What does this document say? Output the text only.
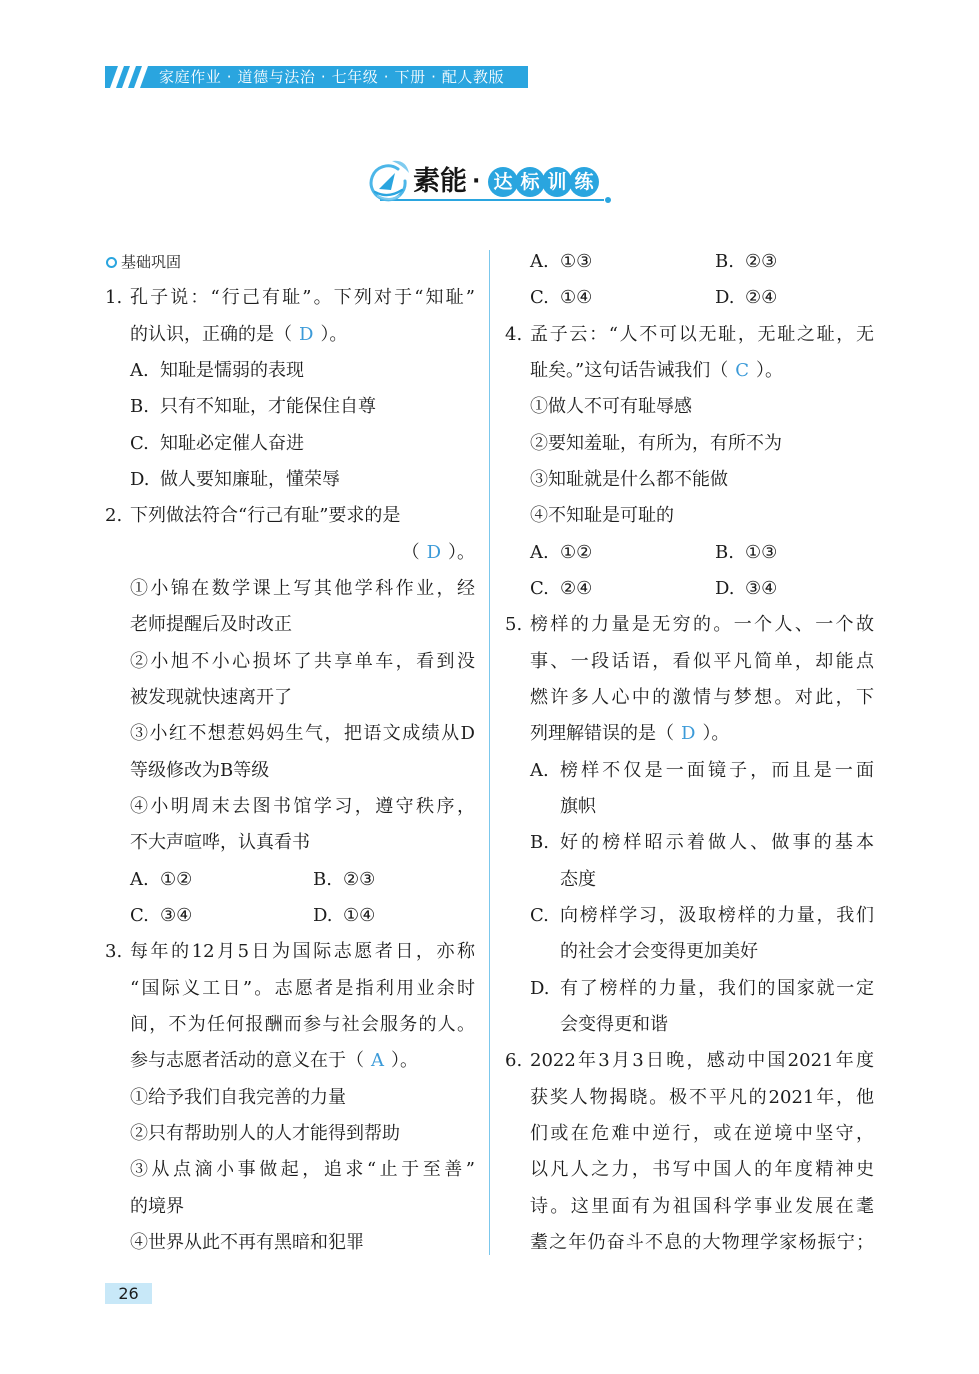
家庭作业 · 道德与法治 · 七年级 · 下册 · 配人教版
素能 · 达 标 训 练
基础巩固
1. 孔子说：“行己有耻”。下列对于“知耻”
的认识，正确的是（ D ）。
A. 知耻是懦弱的表现
B. 只有不知耻，才能保住自尊
C. 知耻必定催人奋进
D. 做人要知廉耻，懂荣辱
2. 下列做法符合“行己有耻”要求的是
（ D ）。
①小锦在数学课上写其他学科作业，经
老师提醒后及时改正
②小旭不小心损坏了共享单车，看到没
被发现就快速离开了
③小红不想惹妈妈生气，把语文成绩从D
等级修改为B等级
④小明周末去图书馆学习，遵守秩序，
不大声喧哗，认真看书
A. ①②	B. ②③
C. ③④	D. ①④
3. 每年的12月5日为国际志愿者日，亦称
“国际义工日”。志愿者是指利用业余时
间，不为任何报酬而参与社会服务的人。
参与志愿者活动的意义在于（ A ）。
①给予我们自我完善的力量
②只有帮助别人的人才能得到帮助
③从点滴小事做起，追求“止于至善”
的境界
④世界从此不再有黑暗和犯罪
A. ①③	B. ②③
C. ①④	D. ②④
4. 孟子云：“人不可以无耻，无耻之耻，无
耻矣。”这句话告诫我们（ C ）。
①做人不可有耻辱感
②要知羞耻，有所为，有所不为
③知耻就是什么都不能做
④不知耻是可耻的
A. ①②	B. ①③
C. ②④	D. ③④
5. 榜样的力量是无穷的。一个人、一个故
事、一段话语，看似平凡简单，却能点
燃许多人心中的激情与梦想。对此，下
列理解错误的是（ D ）。
A. 榜样不仅是一面镜子，而且是一面
旗帜
B. 好的榜样昭示着做人、做事的基本
态度
C. 向榜样学习，汲取榜样的力量，我们
的社会才会变得更加美好
D. 有了榜样的力量，我们的国家就一定
会变得更和谐
6. 2022年3月3日晚，感动中国2021年度
获奖人物揭晓。极不平凡的2021年，他
们或在危难中逆行，或在逆境中坚守，
以凡人之力，书写中国人的年度精神史
诗。这里面有为祖国科学事业发展在耄
耋之年仍奋斗不息的大物理学家杨振宁；
26
